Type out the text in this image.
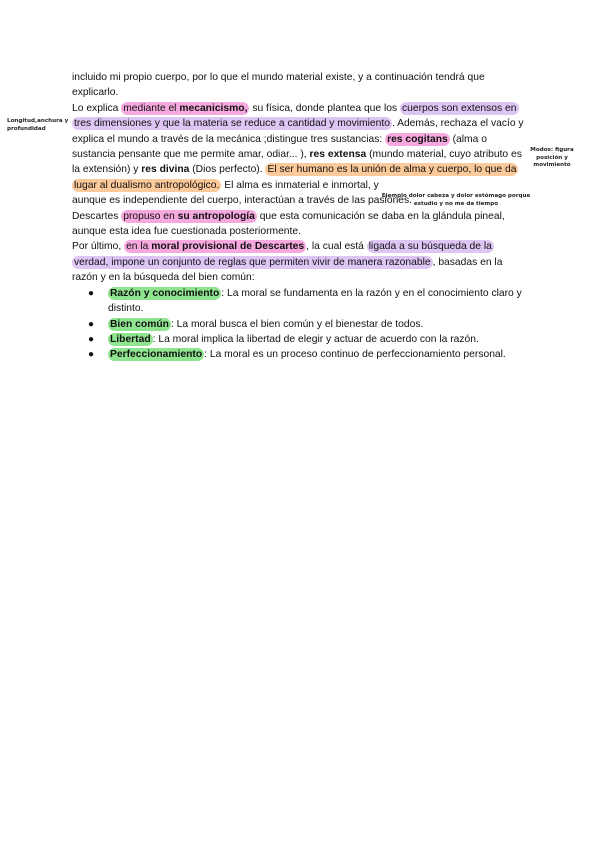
Longitud,anchura y profundidad
Modos: figura posición y movimiento
Ejemplo dolor cabeza y dolor estómago porque estudio y no me da tiempo

incluido mi propio cuerpo, por lo que el mundo material existe, y a continuación tendrá que explicarlo.

Lo explica mediante el mecanicismo, su física, donde plantea que los cuerpos son extensos en tres dimensiones y que la materia se reduce a cantidad y movimiento . Además, rechaza el vacío y explica el mundo a través de la mecánica ;distingue tres sustancias: res cogitans (alma o sustancia pensante que me permite amar, odiar... ), res extensa (mundo material, cuyo atributo es la extensión) y res divina (Dios perfecto). El ser humano es la unión de alma y cuerpo, lo que da lugar al dualismo antropológico. El alma es inmaterial e inmortal, y
aunque es independiente del cuerpo, interactúan a través de las pasiones.

Descartes propuso en su antropología que esta comunicación se daba en la glándula pineal, aunque esta idea fue cuestionada posteriormente.

Por último, en la moral provisional de Descartes , la cual está ligada a su búsqueda de la verdad, impone un conjunto de reglas que permiten vivir de manera razonable , basadas en la razón y en la búsqueda del bien común:

● Razón y conocimiento : La moral se fundamenta en la razón y en el conocimiento claro y distinto.
● Bien común : La moral busca el bien común y el bienestar de todos.
● Libertad : La moral implica la libertad de elegir y actuar de acuerdo con la razón.
● Perfeccionamiento : La moral es un proceso continuo de perfeccionamiento personal.
